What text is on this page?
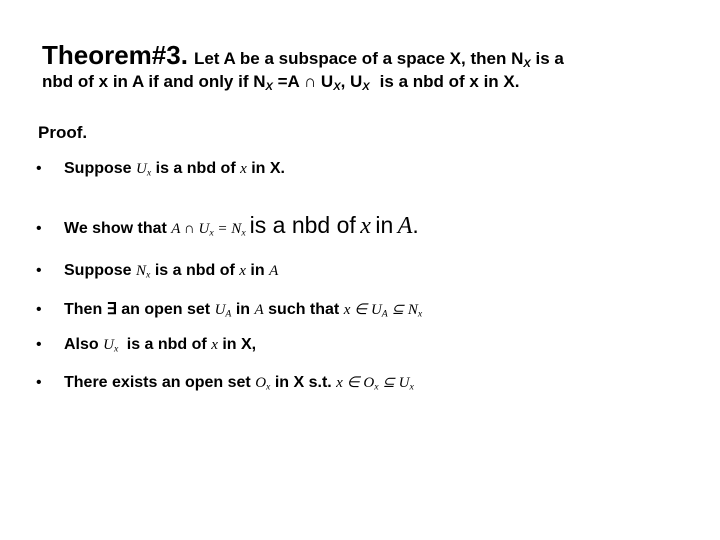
Theorem#3. Let A be a subspace of a space X, then $N_X$ is a
nbd of x in A if and only if $N_X =A$ ∩ $U_X$, $U_X$ is a nbd of x in X.

Proof.

• Suppose $U_x$ is a nbd of x in X.

• We show that A ∩ $U_x = N_x$ is a nbd of x in A.

• Suppose $N_x$ is a nbd of x in A

• Then ∃ an open set $U_A$ in A such that x ∈ $U_A$ ⊆ $N_x$

• Also $U_x$ is a nbd of x in X,

• There exists an open set $O_x$ in X s.t. x ∈ $O_x$ ⊆ $U_x$
